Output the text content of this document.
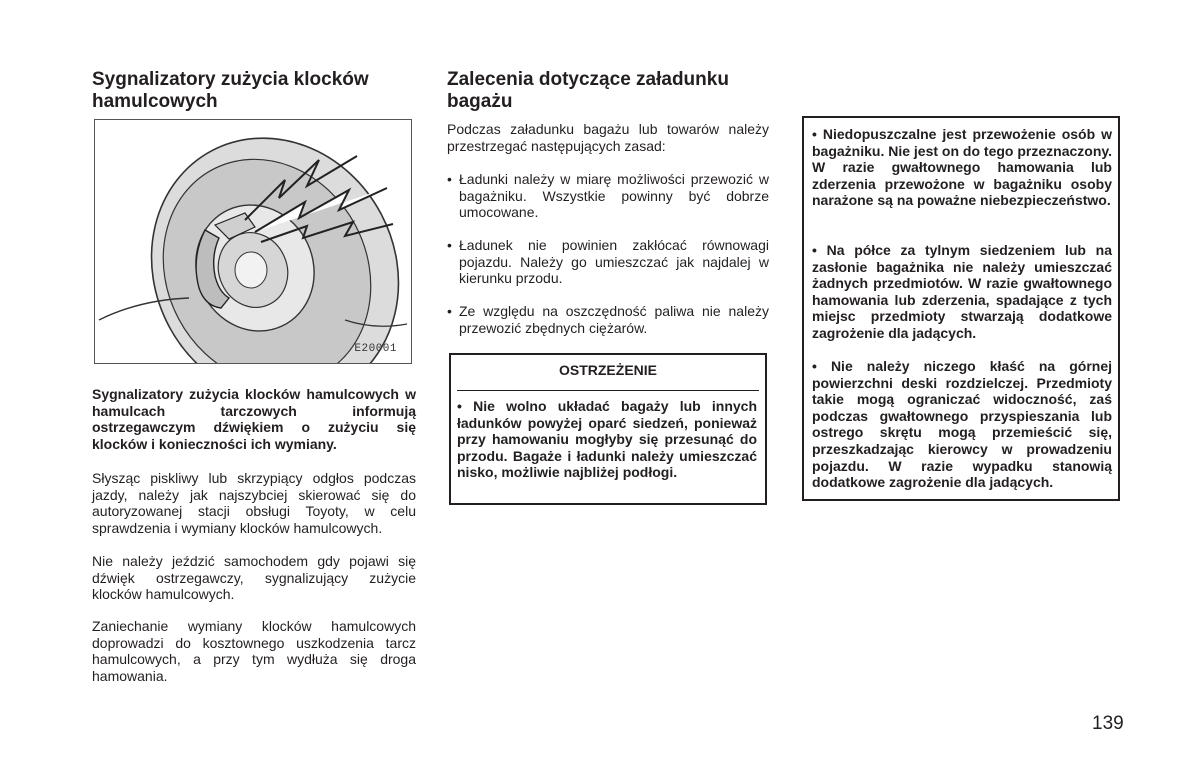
Sygnalizatory zużycia klocków hamulcowych
E20001

Sygnalizatory zużycia klocków hamulcowych w hamulcach tarczowych informują ostrzegawczym dźwiękiem o zużyciu się klocków i konieczności ich wymiany.

Słysząc piskliwy lub skrzypiący odgłos podczas jazdy, należy jak najszybciej skierować się do autoryzowanej stacji obsługi Toyoty, w celu sprawdzenia i wymiany klocków hamulcowych.

Nie należy jeździć samochodem gdy pojawi się dźwięk ostrzegawczy, sygnalizujący zużycie klocków hamulcowych.

Zaniechanie wymiany klocków hamulcowych doprowadzi do kosztownego uszkodzenia tarcz hamulcowych, a przy tym wydłuża się droga hamowania.

Zalecenia dotyczące załadunku bagażu

Podczas załadunku bagażu lub towarów należy przestrzegać następujących zasad:

• Ładunki należy w miarę możliwości przewozić w bagażniku. Wszystkie powinny być dobrze umocowane.
• Ładunek nie powinien zakłócać równowagi pojazdu. Należy go umieszczać jak najdalej w kierunku przodu.
• Ze względu na oszczędność paliwa nie należy przewozić zbędnych ciężarów.
OSTRZEŻENIE
• Nie wolno układać bagaży lub innych ładunków powyżej oparć siedzeń, ponieważ przy hamowaniu mogłyby się przesunąć do przodu. Bagaże i ładunki należy umieszczać nisko, możliwie najbliżej podłogi.
• Niedopuszczalne jest przewożenie osób w bagażniku. Nie jest on do tego przeznaczony. W razie gwałtownego hamowania lub zderzenia przewożone w bagażniku osoby narażone są na poważne niebezpieczeństwo.
• Na półce za tylnym siedzeniem lub na zasłonie bagażnika nie należy umieszczać żadnych przedmiotów. W razie gwałtownego hamowania lub zderzenia, spadające z tych miejsc przedmioty stwarzają dodatkowe zagrożenie dla jadących.
• Nie należy niczego kłaść na górnej powierzchni deski rozdzielczej. Przedmioty takie mogą ograniczać widoczność, zaś podczas gwałtownego przyspieszania lub ostrego skrętu mogą przemieścić się, przeszkadzając kierowcy w prowadzeniu pojazdu. W razie wypadku stanowią dodatkowe zagrożenie dla jadących.
139
